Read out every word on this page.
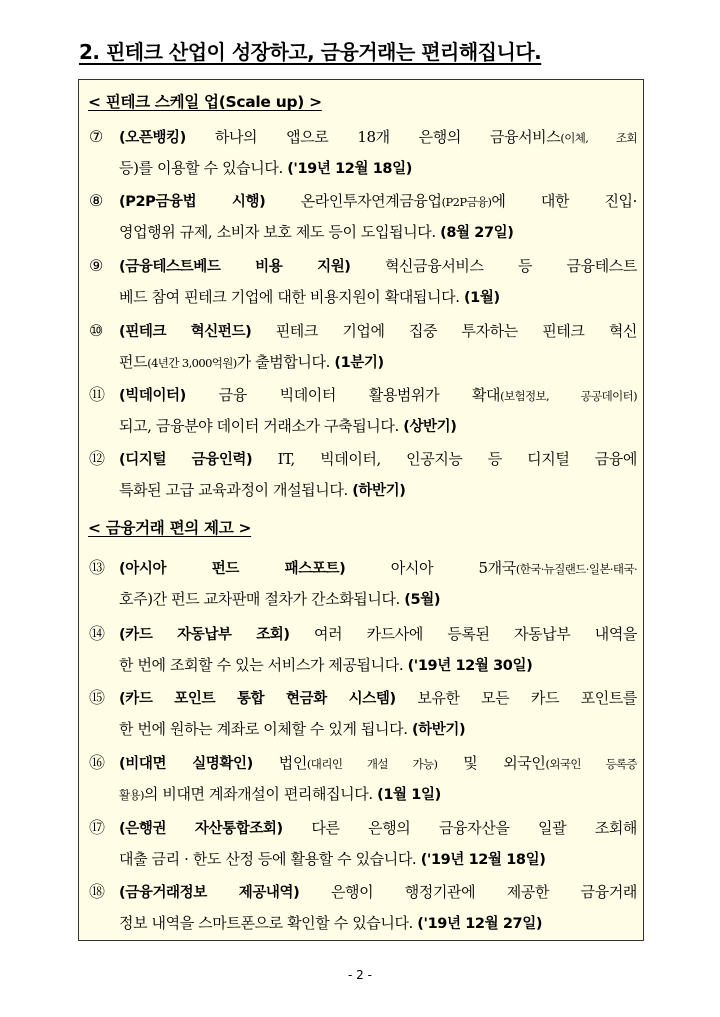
2. 핀테크 산업이 성장하고, 금융거래는 편리해집니다.
< 핀테크 스케일 업(Scale up) >
⑦	(오픈뱅킹) 하나의 앱으로 18개 은행의 금융서비스(이체, 조회
등)를 이용할 수 있습니다. ('19년 12월 18일)
⑧	(P2P금융법 시행) 온라인투자연계금융업(P2P금융)에 대한 진입·
영업행위 규제, 소비자 보호 제도 등이 도입됩니다. (8월 27일)
⑨	(금융테스트베드 비용 지원) 혁신금융서비스 등 금융테스트
베드 참여 핀테크 기업에 대한 비용지원이 확대됩니다. (1월)
⑩	(핀테크 혁신펀드) 핀테크 기업에 집중 투자하는 핀테크 혁신
펀드(4년간 3,000억원)가 출범합니다. (1분기)
⑪ (빅데이터) 금융 빅데이터 활용범위가 확대(보험정보, 공공데이터)
되고, 금융분야 데이터 거래소가 구축됩니다. (상반기)
⑫ (디지털 금융인력) IT, 빅데이터, 인공지능 등 디지털 금융에
특화된 고급 교육과정이 개설됩니다. (하반기)
< 금융거래 편의 제고 >
⑬ (아시아 펀드 패스포트)	아시아 5개국(한국·뉴질랜드·일본·태국·
호주)간 펀드 교차판매 절차가 간소화됩니다. (5월)
⑭ (카드 자동납부 조회) 여러 카드사에 등록된 자동납부 내역을
한 번에 조회할 수 있는 서비스가 제공됩니다. ('19년 12월 30일)
⑮ (카드 포인트 통합 현금화 시스템) 보유한 모든 카드 포인트를
한 번에 원하는 계좌로 이체할 수 있게 됩니다. (하반기)
⑯ (비대면 실명확인) 법인(대리인 개설 가능) 및 외국인(외국인 등록증
활용)의 비대면 계좌개설이 편리해집니다. (1월 1일)
⑰ (은행권 자산통합조회) 다른 은행의 금융자산을 일괄 조회해
대출 금리 · 한도 산정 등에 활용할 수 있습니다. ('19년 12월 18일)
⑱ (금융거래정보 제공내역) 은행이 행정기관에 제공한 금융거래
정보 내역을 스마트폰으로 확인할 수 있습니다. ('19년 12월 27일)
- 2 -
